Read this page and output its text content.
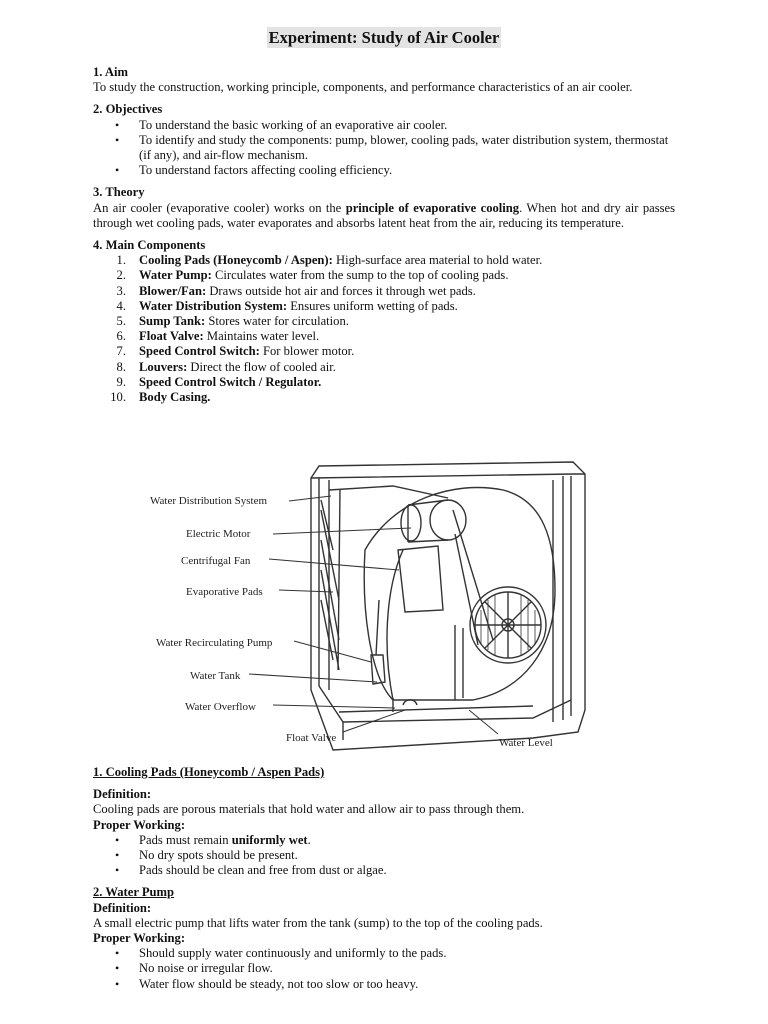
Experiment: Study of Air Cooler

1. Aim

To study the construction, working principle, components, and performance characteristics of an air cooler.

2. Objectives

• To understand the basic working of an evaporative air cooler.
• To identify and study the components: pump, blower, cooling pads, water distribution system, thermostat (if any), and air-flow mechanism.
• To understand factors affecting cooling efficiency.

3. Theory

An air cooler (evaporative cooler) works on the principle of evaporative cooling. When hot and dry air passes through wet cooling pads, water evaporates and absorbs latent heat from the air, reducing its temperature.

4. Main Components

1. Cooling Pads (Honeycomb / Aspen): High-surface area material to hold water.
2. Water Pump: Circulates water from the sump to the top of cooling pads.
3. Blower/Fan: Draws outside hot air and forces it through wet pads.
4. Water Distribution System: Ensures uniform wetting of pads.
5. Sump Tank: Stores water for circulation.
6. Float Valve: Maintains water level.
7. Speed Control Switch: For blower motor.
8. Louvers: Direct the flow of cooled air.
9. Speed Control Switch / Regulator.
10. Body Casing.
Water Distribution System
Electric Motor
Centrifugal Fan
Evaporative Pads
Water Recirculating Pump
Water Tank
Water Overflow
Float Valve	Water Level

1. Cooling Pads (Honeycomb / Aspen Pads)

Definition:

Cooling pads are porous materials that hold water and allow air to pass through them.

Proper Working:

• Pads must remain uniformly wet.
• No dry spots should be present.
• Pads should be clean and free from dust or algae.

2. Water Pump

Definition:

A small electric pump that lifts water from the tank (sump) to the top of the cooling pads.

Proper Working:

• Should supply water continuously and uniformly to the pads.
• No noise or irregular flow.
• Water flow should be steady, not too slow or too heavy.
